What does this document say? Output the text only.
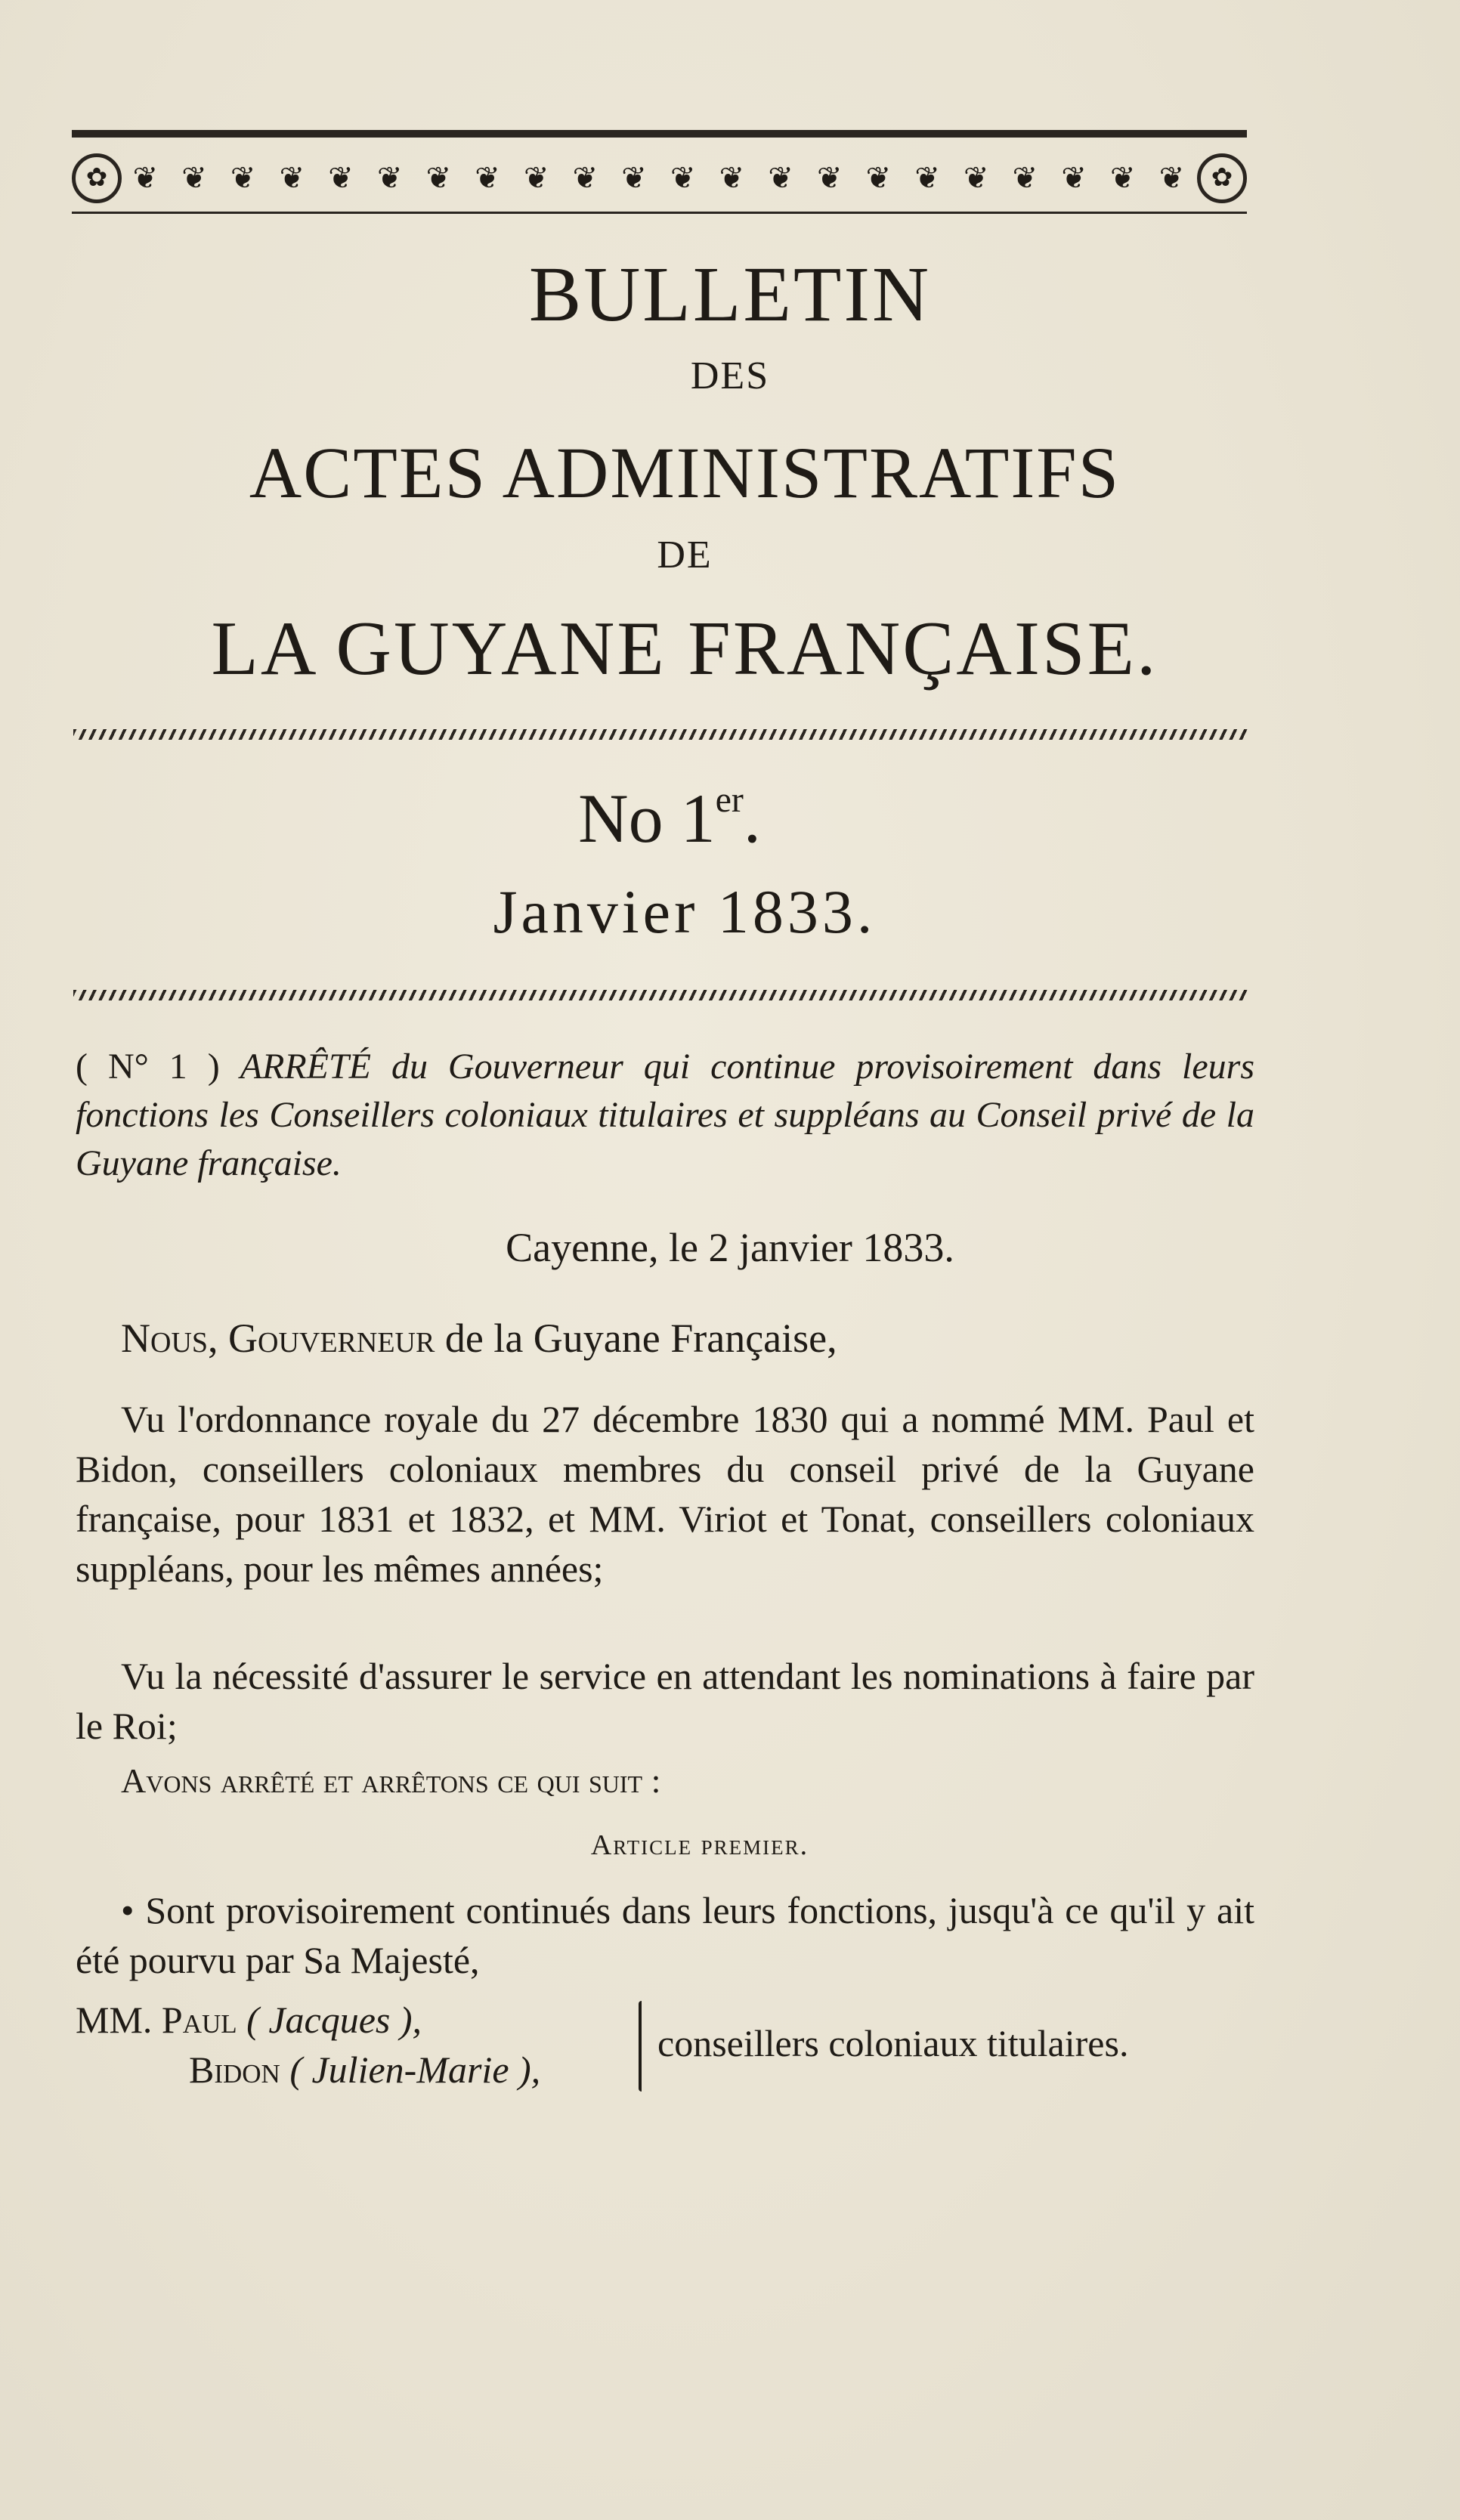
✿ ❦ ❦ ❦ ❦ ❦ ❦ ❦ ❦ ❦ ❦ ❦ ❦ ❦ ❦ ❦ ❦ ❦ ❦ ❦ ❦ ❦ ❦ ✿
BULLETIN
DES
ACTES ADMINISTRATIFS
DE
LA GUYANE FRANÇAISE.
No 1er.
Janvier 1833.
( N° 1 ) ARRÊTÉ du Gouverneur qui continue provisoirement dans leurs fonctions les Conseillers coloniaux titulaires et suppléans au Conseil privé de la Guyane française.
Cayenne, le 2 janvier 1833.
Nous, Gouverneur de la Guyane Française,
Vu l'ordonnance royale du 27 décembre 1830 qui a nommé MM. Paul et Bidon, conseillers coloniaux membres du conseil privé de la Guyane française, pour 1831 et 1832, et MM. Viriot et Tonat, conseillers coloniaux suppléans, pour les mêmes années;
Vu la nécessité d'assurer le service en attendant les nominations à faire par le Roi;
Avons arrêté et arrêtons ce qui suit :
Article premier.
• Sont provisoirement continués dans leurs fonctions, jusqu'à ce qu'il y ait été pourvu par Sa Majesté,
MM. Paul ( Jacques ),
Bidon ( Julien-Marie ),
conseillers coloniaux titulaires.
